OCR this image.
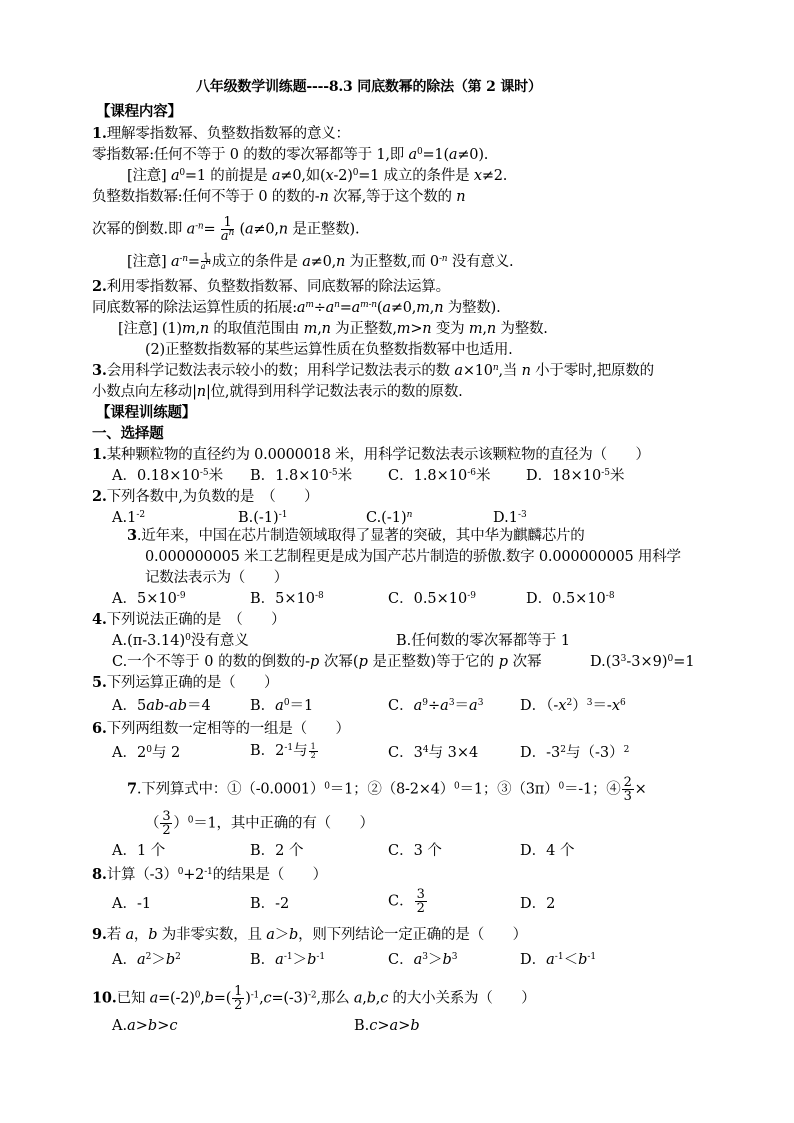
八年级数学训练题----8.3 同底数幂的除法（第 2 课时）
【课程内容】
1.理解零指数幂、负整数指数幂的意义：
零指数幂:任何不等于 0 的数的零次幂都等于 1,即 $a^0=1(a\ne 0)$.
[注意] $a^0=1$ 的前提是 a≠0,如$(x-2)^0=1$ 成立的条件是 x≠2.
负整数指数幂:任何不等于 0 的数的-n 次幂,等于这个数的 n
次幂的倒数.即 $a^{-n}= \frac{1}{a^n} (a\ne 0,n$ 是正整数).
[注意] $a^{-n}= \frac{1}{a^n}$ 成立的条件是 a≠0,n 为正整数,而 $0^{-n}$ 没有意义.
2.利用零指数幂、负整数指数幂、同底数幂的除法运算。
同底数幂的除法运算性质的拓展$:a^m\div a^n=a^{m-n}(a\ne 0,m,n$ 为整数).
[注意] (1)m,n 的取值范围由 m,n 为正整数,m>n 变为 m,n 为整数.
(2)正整数指数幂的某些运算性质在负整数指数幂中也适用.
3.会用科学记数法表示较小的数；用科学记数法表示的数 $a\times 10^n$,当 n 小于零时,把原数的
小数点向左移动|n|位,就得到用科学记数法表示的数的原数.
【课程训练题】
一、选择题
1.某种颗粒物的直径约为 0.0000018 米，用科学记数法表示该颗粒物的直径为（　　）
A．$0.18\times 10^{-5}$米 B．$1.8\times 10^{-5}$米 C．$1.8\times 10^{-6}$米 D．$18\times 10^{-5}$米
2.下列各数中,为负数的是　（　　）
$A.1^{-2}$	$B.(-1)^{-1}$	$C.(-1)^n$	$D.1^{-3}$
3.近年来，中国在芯片制造领域取得了显著的突破，其中华为麒麟芯片的
0.000000005 米工艺制程更是成为国产芯片制造的骄傲.数字 0.000000005 用科学
记数法表示为（　　）
A．$5\times 10^{-9}$	B．$5\times 10^{-8}$	C．$0.5\times 10^{-9}$	D．$0.5\times 10^{-8}$
4.下列说法正确的是　（　　）
$A.(\pi-3.14)^0$没有意义	B.任何数的零次幂都等于 1
C.一个不等于 0 的数的倒数的-p 次幂(p 是正整数)等于它的 p 次幂	$D.(3^3-3\times 9)^0=1$
5.下列运算正确的是（　　）
A．5ab-ab＝4	B．$a^0=1$	C．$a^9\div a^3=a^3$	D．$(-x^2)^3=-x^6$
6.下列两组数一定相等的一组是（　　）
A．$2^0$与 2	B．$2^{-1}$与 $\frac{1}{2}$	C．$3^4$与 3×4	D．$-3^2$与$(-3)^2$
7.下列算式中：$①(-0.0001)^0=1$；$②(8-2\times 4)^0=1$；$③(3\pi)^0=-1$；④ $\frac{2}{3}$ ×
（ $\frac{3}{2} )^0=1$，其中正确的有（　　）
A．1 个	B．2 个	C．3 个	D．4 个
8.计算$(-3)^0+2^{-1}$的结果是（　　）
A．-1	B．-2	C． $\frac{3}{2}$	D．2
9.若 a，b 为非零实数，且 a＞b，则下列结论一定正确的是（　　）
A．$a^2>b^2$	B．$a^{-1}>b^{-1}$	C．$a^3>b^3$	D．$a^{-1}<b^{-1}$
10.已知 $a=(-2)^0,b=( \frac{1}{2} )^{-1},c=(-3)^{-2}$,那么 a,b,c 的大小关系为（　　）
A.a>b>c	B.c>a>b
